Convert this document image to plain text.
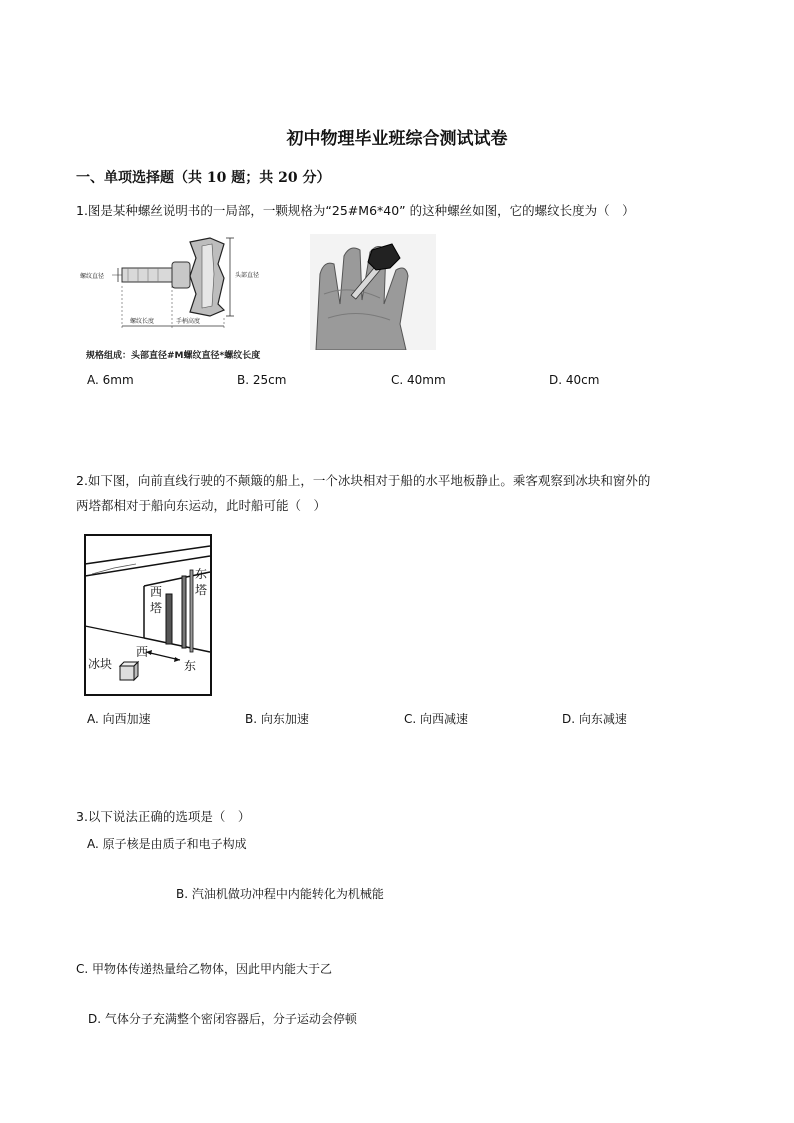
初中物理毕业班综合测试试卷
一、单项选择题（共 10 题；共 20 分）
1.图是某种螺丝说明书的一局部，一颗规格为“25#M6*40” 的这种螺丝如图，它的螺纹长度为（　）
螺纹直径	头部直径
螺纹长度	手柄高度
规格组成：头部直径#M螺纹直径*螺纹长度
A. 6mm	B. 25cm	C. 40mm	D. 40cm
2.如下图，向前直线行驶的不颠簸的船上，一个冰块相对于船的水平地板静止。乘客观察到冰块和窗外的
两塔都相对于船向东运动，此时船可能（　）
东
塔
西
塔
西
东
冰块
A. 向西加速	B. 向东加速	C. 向西减速	D. 向东减速
3.以下说法正确的选项是（　）
A. 原子核是由质子和电子构成
B. 汽油机做功冲程中内能转化为机械能
C. 甲物体传递热量给乙物体，因此甲内能大于乙
D. 气体分子充满整个密闭容器后，分子运动会停顿
